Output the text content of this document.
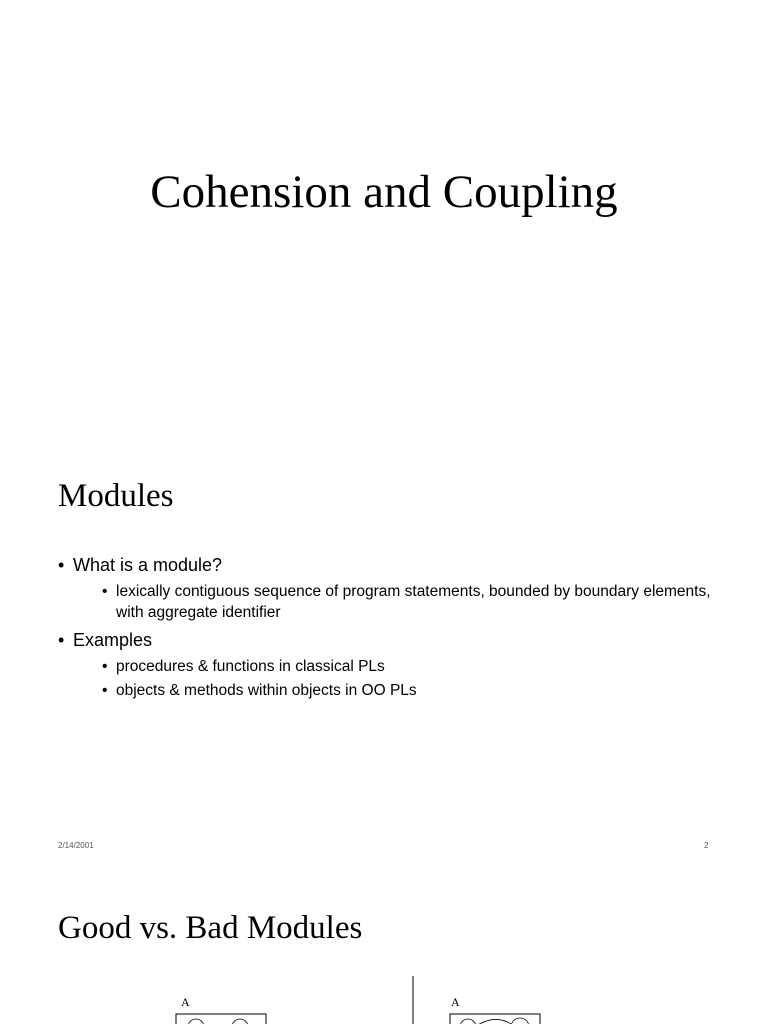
Cohension and Coupling
Modules
• What is a module?
• lexically contiguous sequence of program statements, bounded by boundary elements, with aggregate identifier
• Examples
• procedures & functions in classical PLs
• objects & methods within objects in OO PLs
2/14/2001	2
Good vs. Bad Modules
A	A
